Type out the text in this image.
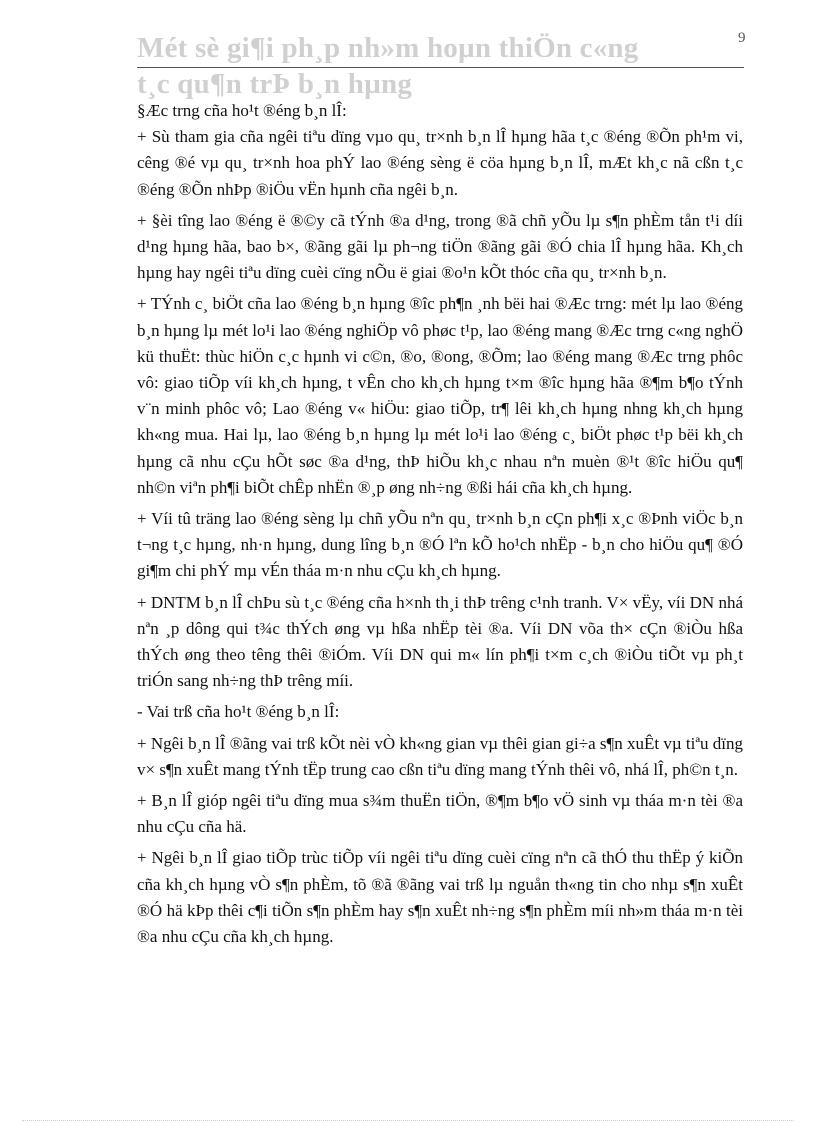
9
Mét sè gi¶i ph¸p nh»m hoµn thiÖn c«ng
t¸c qu¶n trÞ b¸n hµng

§Æc trng cña ho¹t ®éng b¸n lÎ:

+ Sù tham gia cña ngêi tiªu dïng vµo qu¸ tr×nh b¸n lÎ hµng hãa t¸c ®éng ®Õn ph¹m vi, cêng ®é vµ qu¸ tr×nh hoa phÝ lao ®éng sèng ë cöa hµng b¸n lÎ, mÆt kh¸c nã cßn t¸c ®éng ®Õn nhÞp ®iÖu vËn hµnh cña ngêi b¸n.

+ §èi tîng lao ®éng ë ®©y cã tÝnh ®a d¹ng, trong ®ã chñ yÕu lµ s¶n phÈm tån t¹i díi d¹ng hµng hãa, bao b×, ®ãng gãi lµ ph¬ng tiÖn ®ãng gãi ®Ó chia lÎ hµng hãa. Kh¸ch hµng hay ngêi tiªu dïng cuèi cïng nÕu ë giai ®o¹n kÕt thóc cña qu¸ tr×nh b¸n.

+ TÝnh c¸ biÖt cña lao ®éng b¸n hµng ®îc ph¶n ¸nh bëi hai ®Æc trng: mét lµ lao ®éng b¸n hµng lµ mét lo¹i lao ®éng nghiÖp vô phøc t¹p, lao ®éng mang ®Æc trng c«ng nghÖ kü thuËt: thùc hiÖn c¸c hµnh vi c©n, ®o, ®ong, ®Õm; lao ®éng mang ®Æc trng phôc vô: giao tiÕp víi kh¸ch hµng, t vÊn cho kh¸ch hµng t×m ®îc hµng hãa ®¶m b¶o tÝnh v¨n minh phôc vô; Lao ®éng v« hiÖu: giao tiÕp, tr¶ lêi kh¸ch hµng nhng kh¸ch hµng kh«ng mua. Hai lµ, lao ®éng b¸n hµng lµ mét lo¹i lao ®éng c¸ biÖt phøc t¹p bëi kh¸ch hµng cã nhu cÇu hÕt søc ®a d¹ng, thÞ hiÕu kh¸c nhau nªn muèn ®¹t ®îc hiÖu qu¶ nh©n viªn ph¶i biÕt chÊp nhËn ®¸p øng nh÷ng ®ßi hái cña kh¸ch hµng.

+ Víi tû träng lao ®éng sèng lµ chñ yÕu nªn qu¸ tr×nh b¸n cÇn ph¶i x¸c ®Þnh viÖc b¸n t¬ng t¸c hµng, nh·n hµng, dung lîng b¸n ®Ó lªn kÕ ho¹ch nhËp - b¸n cho hiÖu qu¶ ®Ó gi¶m chi phÝ mµ vÉn tháa m·n nhu cÇu kh¸ch hµng.

+ DNTM b¸n lÎ chÞu sù t¸c ®éng cña h×nh th¸i thÞ trêng c¹nh tranh. V× vËy, víi DN nhá nªn ¸p dông qui t¾c thÝch øng vµ hßa nhËp tèi ®a. Víi DN võa th× cÇn ®iÒu hßa thÝch øng theo têng thêi ®iÓm. Víi DN qui m« lín ph¶i t×m c¸ch ®iÒu tiÕt vµ ph¸t triÓn sang nh÷ng thÞ trêng míi.

- Vai trß cña ho¹t ®éng b¸n lÎ:

+ Ngêi b¸n lÎ ®ãng vai trß kÕt nèi vÒ kh«ng gian vµ thêi gian gi÷a s¶n xuÊt vµ tiªu dïng v× s¶n xuÊt mang tÝnh tËp trung cao cßn tiªu dïng mang tÝnh thêi vô, nhá lÎ, ph©n t¸n.

+ B¸n lÎ gióp ngêi tiªu dïng mua s¾m thuËn tiÖn, ®¶m b¶o vÖ sinh vµ tháa m·n tèi ®a nhu cÇu cña hä.

+ Ngêi b¸n lÎ giao tiÕp trùc tiÕp víi ngêi tiªu dïng cuèi cïng nªn cã thÓ thu thËp ý kiÕn cña kh¸ch hµng vÒ s¶n phÈm, tõ ®ã ®ãng vai trß lµ nguån th«ng tin cho nhµ s¶n xuÊt ®Ó hä kÞp thêi c¶i tiÕn s¶n phÈm hay s¶n xuÊt nh÷ng s¶n phÈm míi nh»m tháa m·n tèi ®a nhu cÇu cña kh¸ch hµng.
